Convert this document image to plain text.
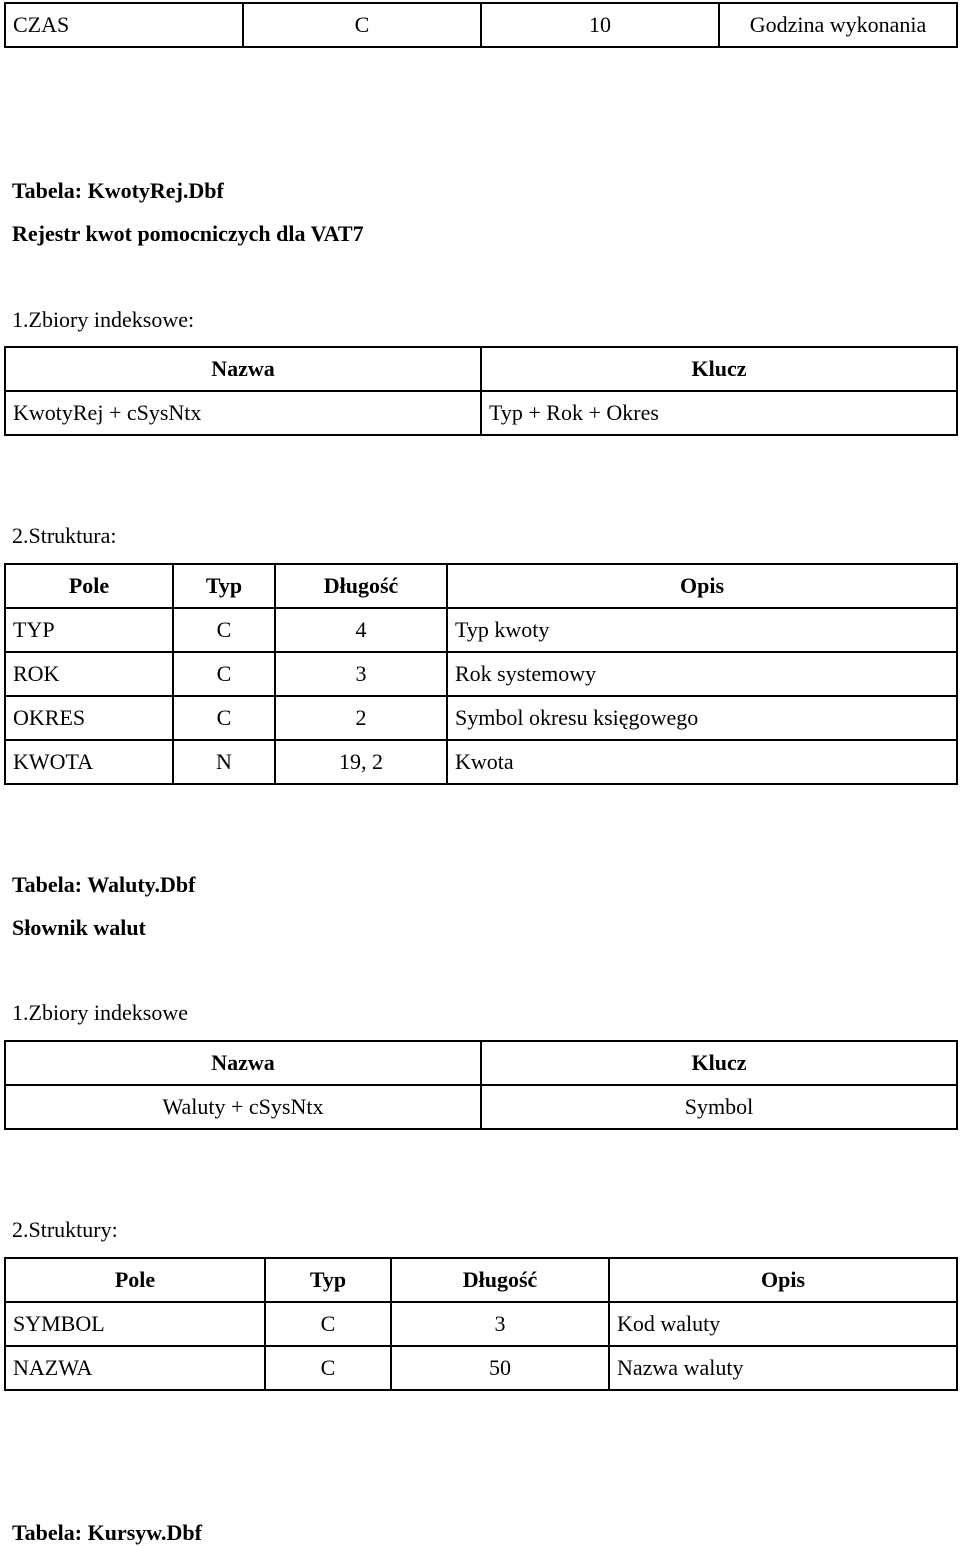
CZAS	C	10	Godzina wykonania
Tabela: KwotyRej.Dbf
Rejestr kwot pomocniczych dla VAT7
1.Zbiory indeksowe:
Nazwa	Klucz
KwotyRej + cSysNtx	Typ + Rok + Okres
2.Struktura:
Pole	Typ	Długość	Opis
TYP	C	4	Typ kwoty
ROK	C	3	Rok systemowy
OKRES	C	2	Symbol okresu księgowego
KWOTA	N	19, 2	Kwota
Tabela: Waluty.Dbf
Słownik walut
1.Zbiory indeksowe
Nazwa	Klucz
Waluty + cSysNtx	Symbol
2.Struktury:
Pole	Typ	Długość	Opis
SYMBOL	C	3	Kod waluty
NAZWA	C	50	Nazwa waluty
Tabela: Kursyw.Dbf
